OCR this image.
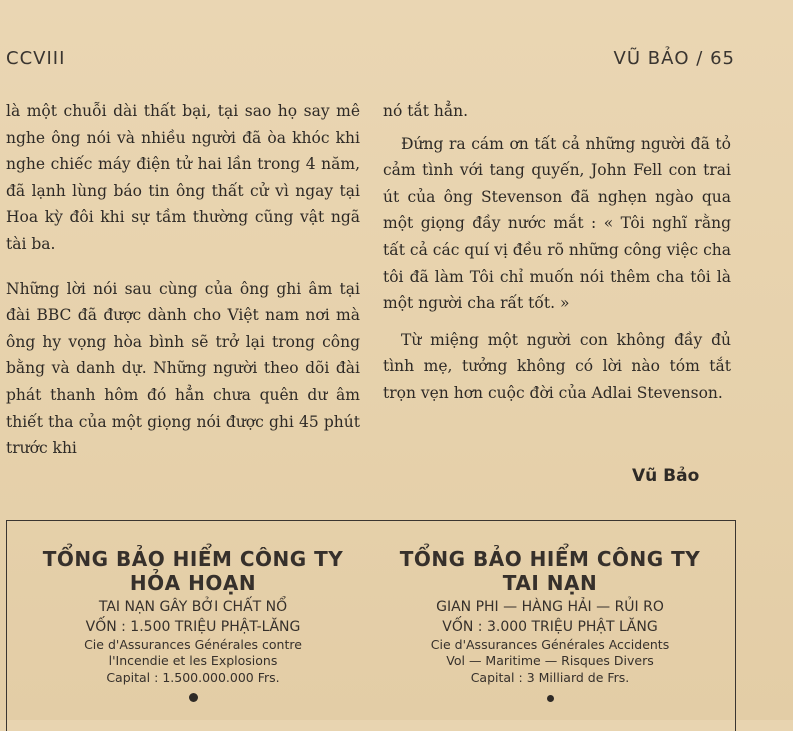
CCVIII	VŨ BẢO / 65

là một chuỗi dài thất bại, tại sao họ say mê nghe ông nói và nhiều người đã òa khóc khi nghe chiếc máy điện tử hai lần trong 4 năm, đã lạnh lùng báo tin ông thất cử vì ngay tại Hoa kỳ đôi khi sự tầm thường cũng vật ngã tài ba.

Những lời nói sau cùng của ông ghi âm tại đài BBC đã được dành cho Việt nam nơi mà ông hy vọng hòa bình sẽ trở lại trong công bằng và danh dự. Những người theo dõi đài phát thanh hôm đó hẳn chưa quên dư âm thiết tha của một giọng nói được ghi 45 phút trước khi

nó tắt hẳn.

Đứng ra cám ơn tất cả những người đã tỏ cảm tình với tang quyến, John Fell con trai út của ông Stevenson đã nghẹn ngào qua một giọng đầy nước mắt : « Tôi nghĩ rằng tất cả các quí vị đều rõ những công việc cha tôi đã làm Tôi chỉ muốn nói thêm cha tôi là một người cha rất tốt. »

Từ miệng một người con không đầy đủ tình mẹ, tưởng không có lời nào tóm tắt trọn vẹn hơn cuộc đời của Adlai Stevenson.

Vũ Bảo
TỔNG BẢO HIỂM CÔNG TY
HỎA HOẠN
TAI NẠN GÂY BỞI CHẤT NỔ
VỐN : 1.500 TRIỆU PHẬT-LĂNG
Cie d'Assurances Générales contre
l'Incendie et les Explosions
Capital : 1.500.000.000 Frs.
TỔNG BẢO HIỂM CÔNG TY
TAI NẠN
GIAN PHI — HÀNG HẢI — RỦI RO
VỐN : 3.000 TRIỆU PHẬT LĂNG
Cie d'Assurances Générales Accidents
Vol — Maritime — Risques Divers
Capital : 3 Milliard de Frs.
